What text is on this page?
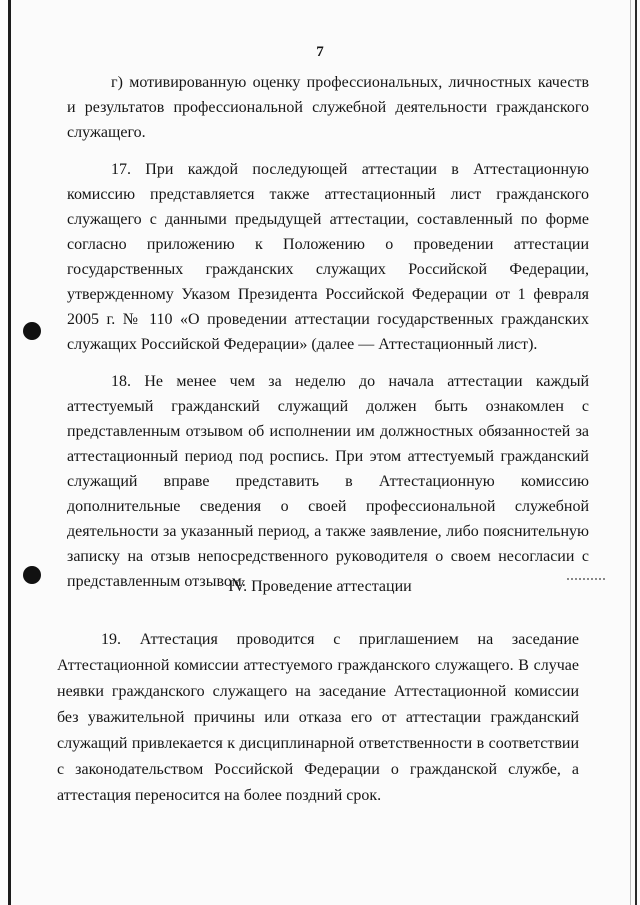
7

г) мотивированную оценку профессиональных, личностных качеств и результатов профессиональной служебной деятельности гражданского служащего.

17. При каждой последующей аттестации в Аттестационную комиссию представляется также аттестационный лист гражданского служащего с данными предыдущей аттестации, составленный по форме согласно приложению к Положению о проведении аттестации государственных гражданских служащих Российской Федерации, утвержденному Указом Президента Российской Федерации от 1 февраля 2005 г. № 110 «О проведении аттестации государственных гражданских служащих Российской Федерации» (далее — Аттестационный лист).

18. Не менее чем за неделю до начала аттестации каждый аттестуемый гражданский служащий должен быть ознакомлен с представленным отзывом об исполнении им должностных обязанностей за аттестационный период под роспись. При этом аттестуемый гражданский служащий вправе представить в Аттестационную комиссию дополнительные сведения о своей профессиональной служебной деятельности за указанный период, а также заявление, либо пояснительную записку на отзыв непосредственного руководителя о своем несогласии с представленным отзывом.

IV. Проведение аттестации

19. Аттестация проводится с приглашением на заседание Аттестационной комиссии аттестуемого гражданского служащего. В случае неявки гражданского служащего на заседание Аттестационной комиссии без уважительной причины или отказа его от аттестации гражданский служащий привлекается к дисциплинарной ответственности в соответствии с законодательством Российской Федерации о гражданской службе, а аттестация переносится на более поздний срок.
